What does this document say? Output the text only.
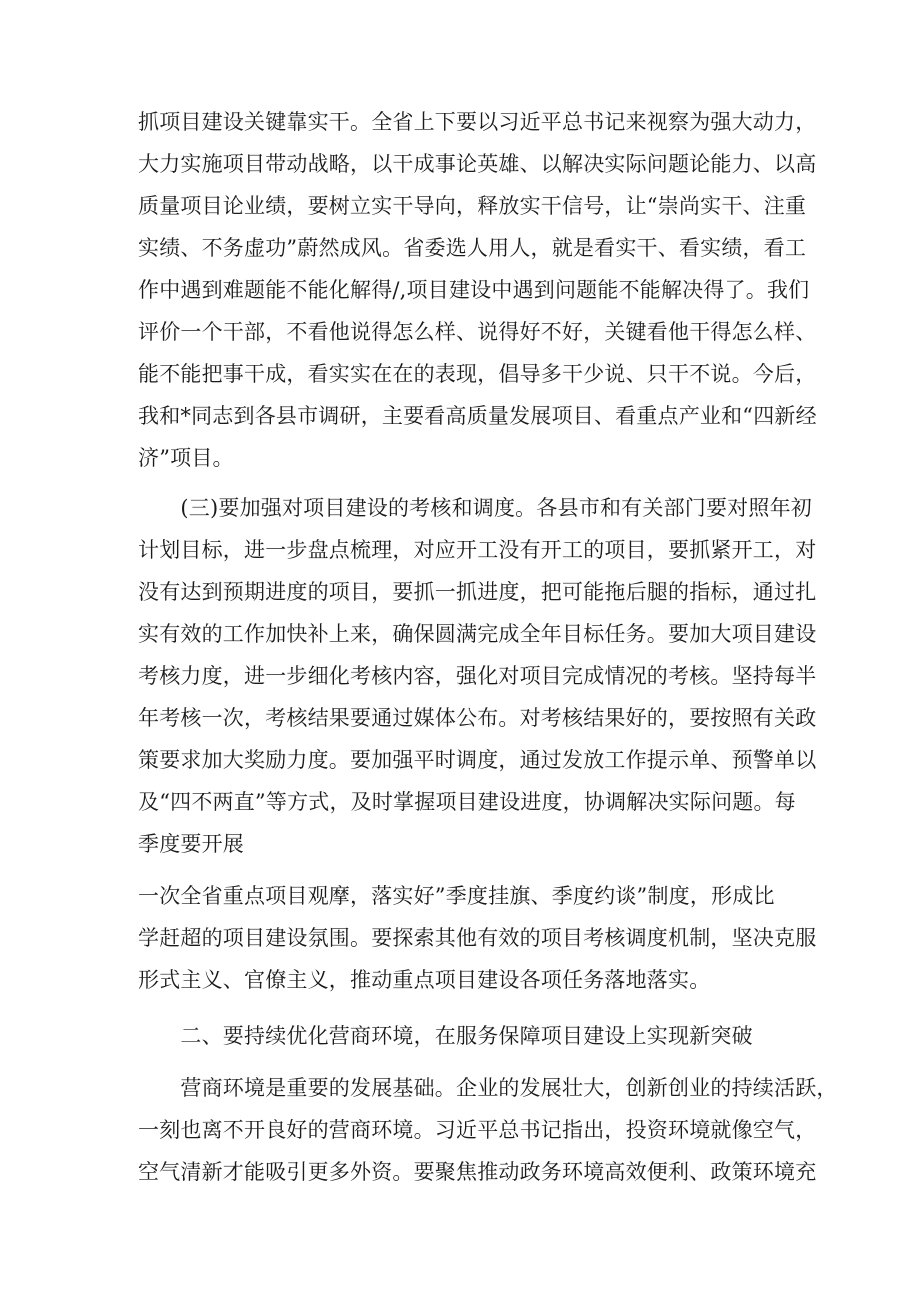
抓项目建设关键靠实干。全省上下要以习近平总书记来视察为强大动力，
大力实施项目带动战略，以干成事论英雄、以解决实际问题论能力、以高
质量项目论业绩，要树立实干导向，释放实干信号，让“崇尚实干、注重
实绩、不务虚功”蔚然成风。省委选人用人，就是看实干、看实绩，看工
作中遇到难题能不能化解得/,项目建设中遇到问题能不能解决得了。我们
评价一个干部，不看他说得怎么样、说得好不好，关键看他干得怎么样、
能不能把事干成，看实实在在的表现，倡导多干少说、只干不说。今后，
我和*同志到各县市调研，主要看高质量发展项目、看重点产业和“四新经
济”项目。
　　(三)要加强对项目建设的考核和调度。各县市和有关部门要对照年初
计划目标，进一步盘点梳理，对应开工没有开工的项目，要抓紧开工，对
没有达到预期进度的项目，要抓一抓进度，把可能拖后腿的指标，通过扎
实有效的工作加快补上来，确保圆满完成全年目标任务。要加大项目建设
考核力度，进一步细化考核内容，强化对项目完成情况的考核。坚持每半
年考核一次，考核结果要通过媒体公布。对考核结果好的，要按照有关政
策要求加大奖励力度。要加强平时调度，通过发放工作提示单、预警单以
及“四不两直”等方式，及时掌握项目建设进度，协调解决实际问题。每
季度要开展
一次全省重点项目观摩，落实好”季度挂旗、季度约谈”制度，形成比
学赶超的项目建设氛围。要探索其他有效的项目考核调度机制，坚决克服
形式主义、官僚主义，推动重点项目建设各项任务落地落实。
　　二、要持续优化营商环境，在服务保障项目建设上实现新突破
　　营商环境是重要的发展基础。企业的发展壮大，创新创业的持续活跃，
一刻也离不开良好的营商环境。习近平总书记指出，投资环境就像空气，
空气清新才能吸引更多外资。要聚焦推动政务环境高效便利、政策环境充
